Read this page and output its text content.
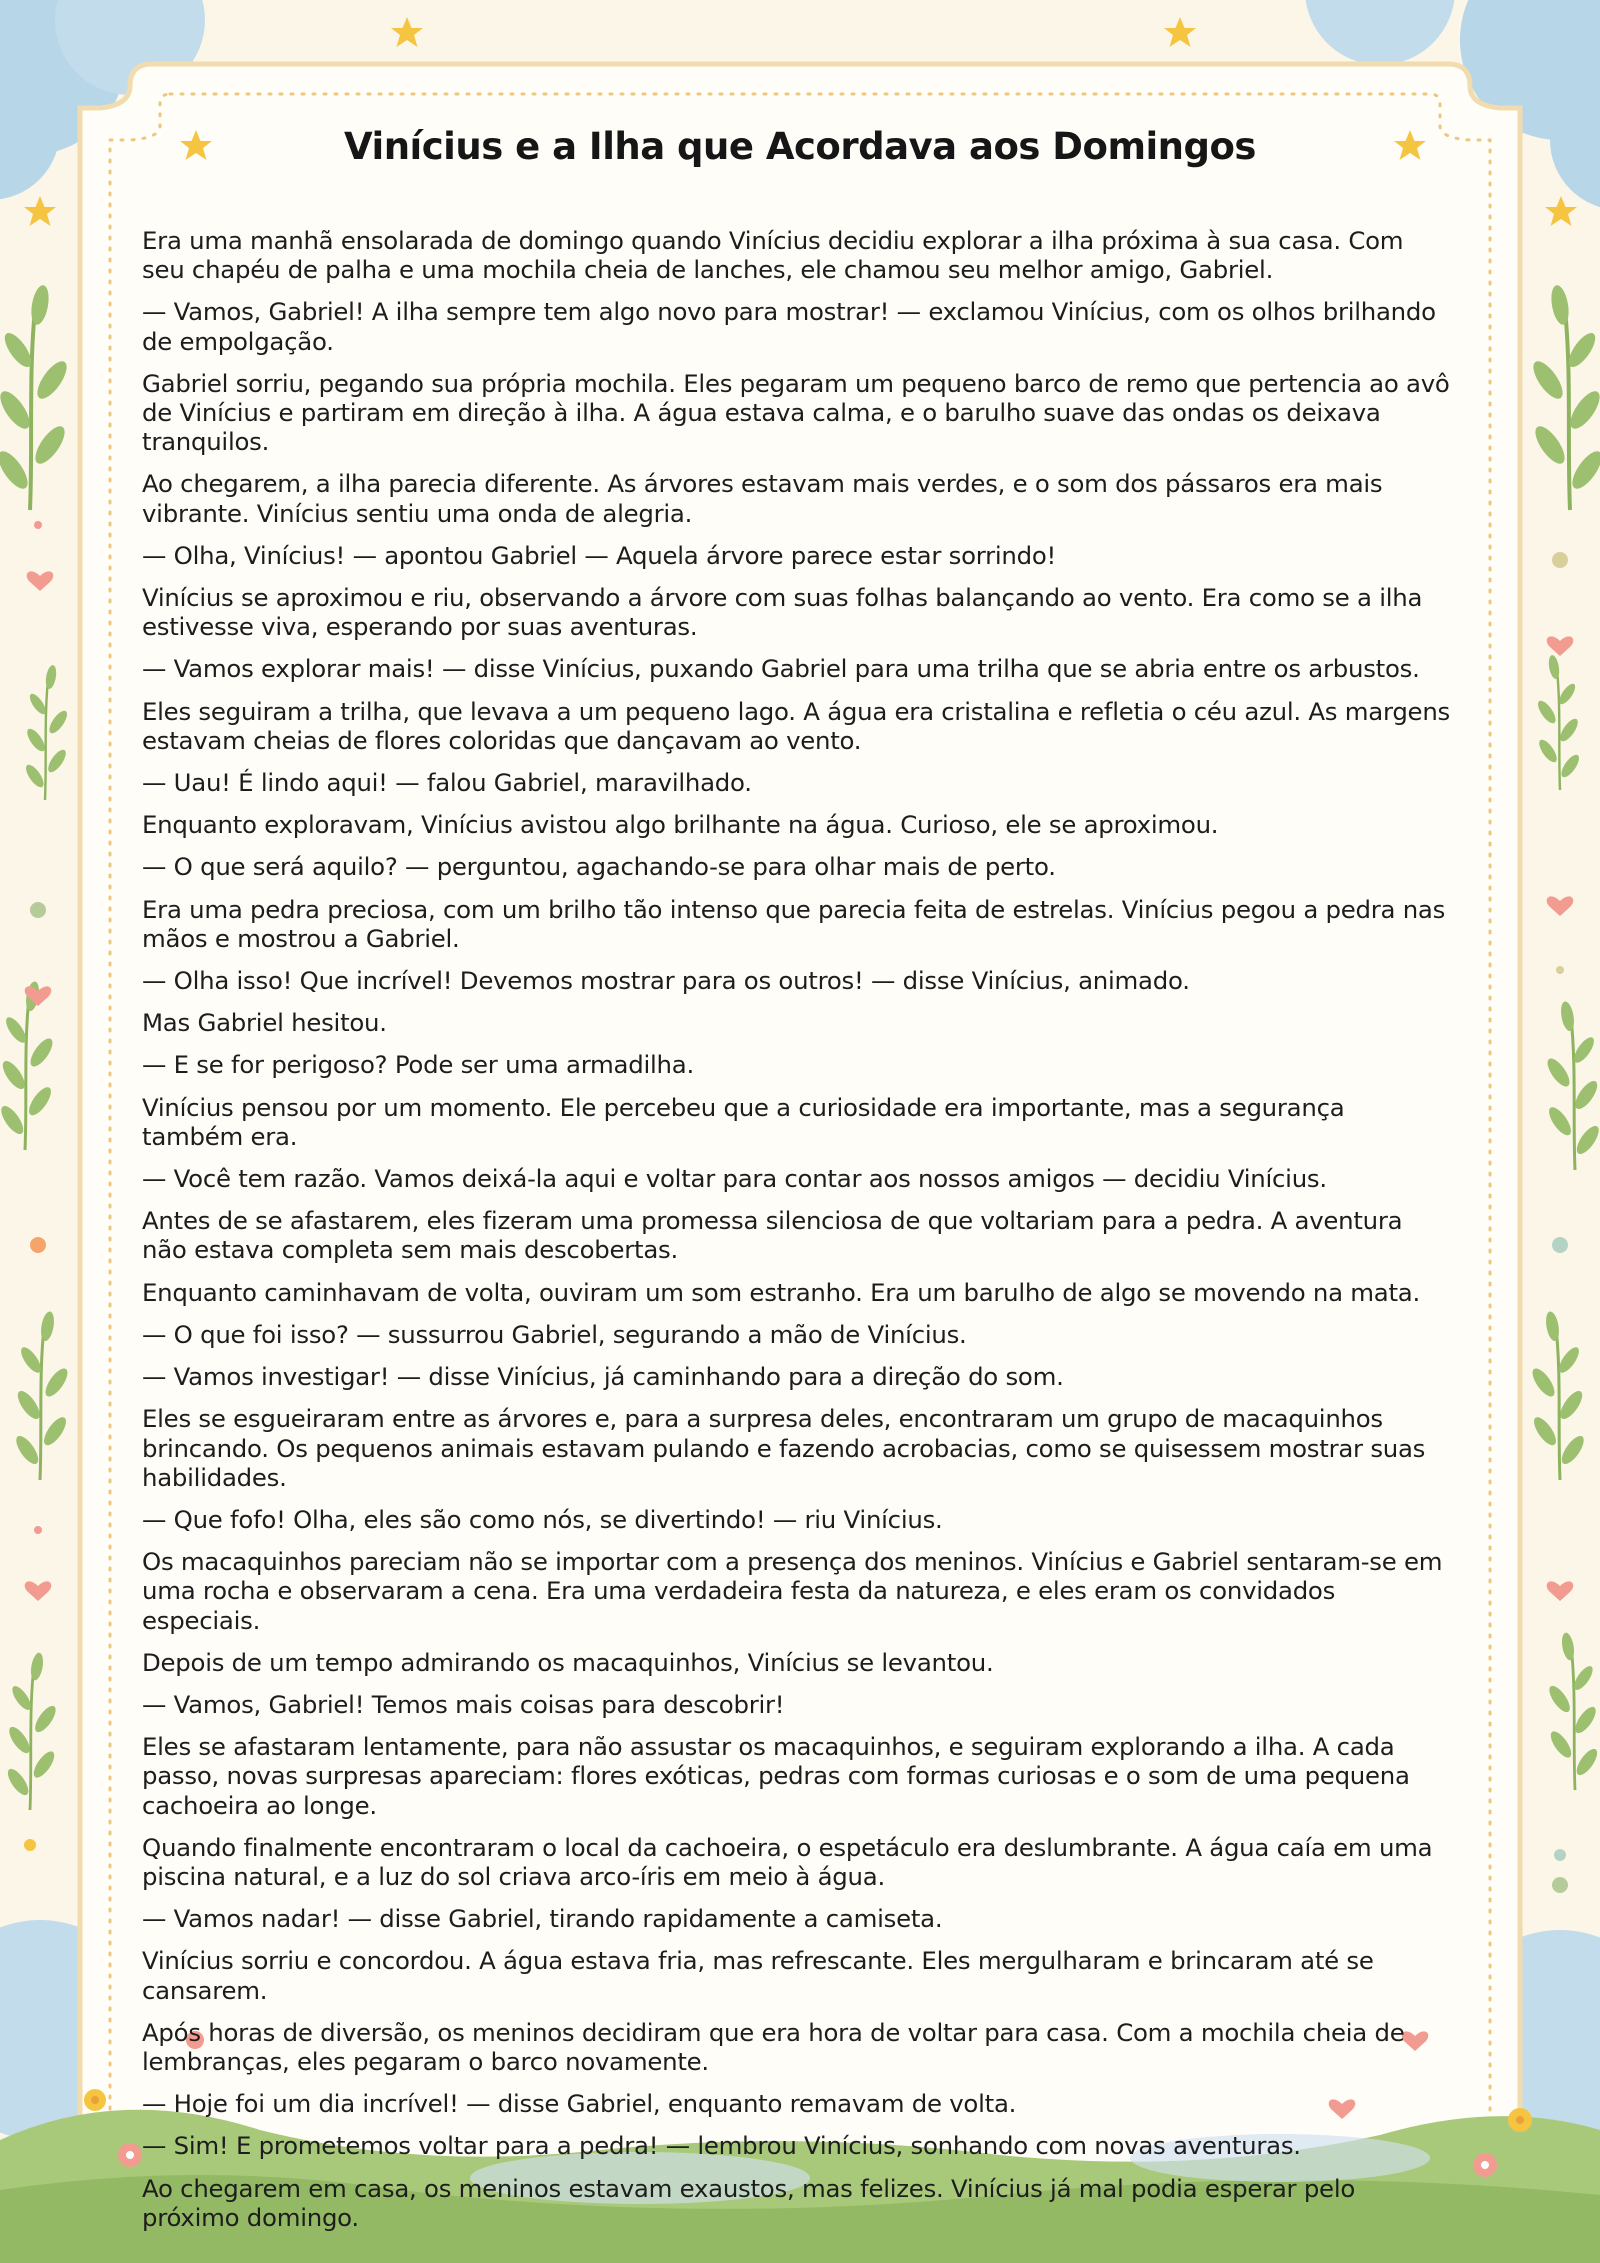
Vinícius e a Ilha que Acordava aos Domingos

Era uma manhã ensolarada de domingo quando Vinícius decidiu explorar a ilha próxima à sua casa. Com seu chapéu de palha e uma mochila cheia de lanches, ele chamou seu melhor amigo, Gabriel.

— Vamos, Gabriel! A ilha sempre tem algo novo para mostrar! — exclamou Vinícius, com os olhos brilhando de empolgação.

Gabriel sorriu, pegando sua própria mochila. Eles pegaram um pequeno barco de remo que pertencia ao avô de Vinícius e partiram em direção à ilha. A água estava calma, e o barulho suave das ondas os deixava tranquilos.

Ao chegarem, a ilha parecia diferente. As árvores estavam mais verdes, e o som dos pássaros era mais vibrante. Vinícius sentiu uma onda de alegria.

— Olha, Vinícius! — apontou Gabriel — Aquela árvore parece estar sorrindo!

Vinícius se aproximou e riu, observando a árvore com suas folhas balançando ao vento. Era como se a ilha estivesse viva, esperando por suas aventuras.

— Vamos explorar mais! — disse Vinícius, puxando Gabriel para uma trilha que se abria entre os arbustos.

Eles seguiram a trilha, que levava a um pequeno lago. A água era cristalina e refletia o céu azul. As margens estavam cheias de flores coloridas que dançavam ao vento.

— Uau! É lindo aqui! — falou Gabriel, maravilhado.

Enquanto exploravam, Vinícius avistou algo brilhante na água. Curioso, ele se aproximou.

— O que será aquilo? — perguntou, agachando-se para olhar mais de perto.

Era uma pedra preciosa, com um brilho tão intenso que parecia feita de estrelas. Vinícius pegou a pedra nas mãos e mostrou a Gabriel.

— Olha isso! Que incrível! Devemos mostrar para os outros! — disse Vinícius, animado.

Mas Gabriel hesitou.

— E se for perigoso? Pode ser uma armadilha.

Vinícius pensou por um momento. Ele percebeu que a curiosidade era importante, mas a segurança também era.

— Você tem razão. Vamos deixá-la aqui e voltar para contar aos nossos amigos — decidiu Vinícius.

Antes de se afastarem, eles fizeram uma promessa silenciosa de que voltariam para a pedra. A aventura não estava completa sem mais descobertas.

Enquanto caminhavam de volta, ouviram um som estranho. Era um barulho de algo se movendo na mata.

— O que foi isso? — sussurrou Gabriel, segurando a mão de Vinícius.

— Vamos investigar! — disse Vinícius, já caminhando para a direção do som.

Eles se esgueiraram entre as árvores e, para a surpresa deles, encontraram um grupo de macaquinhos brincando. Os pequenos animais estavam pulando e fazendo acrobacias, como se quisessem mostrar suas habilidades.

— Que fofo! Olha, eles são como nós, se divertindo! — riu Vinícius.

Os macaquinhos pareciam não se importar com a presença dos meninos. Vinícius e Gabriel sentaram-se em uma rocha e observaram a cena. Era uma verdadeira festa da natureza, e eles eram os convidados especiais.

Depois de um tempo admirando os macaquinhos, Vinícius se levantou.

— Vamos, Gabriel! Temos mais coisas para descobrir!

Eles se afastaram lentamente, para não assustar os macaquinhos, e seguiram explorando a ilha. A cada passo, novas surpresas apareciam: flores exóticas, pedras com formas curiosas e o som de uma pequena cachoeira ao longe.

Quando finalmente encontraram o local da cachoeira, o espetáculo era deslumbrante. A água caía em uma piscina natural, e a luz do sol criava arco-íris em meio à água.

— Vamos nadar! — disse Gabriel, tirando rapidamente a camiseta.

Vinícius sorriu e concordou. A água estava fria, mas refrescante. Eles mergulharam e brincaram até se cansarem.

Após horas de diversão, os meninos decidiram que era hora de voltar para casa. Com a mochila cheia de lembranças, eles pegaram o barco novamente.

— Hoje foi um dia incrível! — disse Gabriel, enquanto remavam de volta.

— Sim! E prometemos voltar para a pedra! — lembrou Vinícius, sonhando com novas aventuras.

Ao chegarem em casa, os meninos estavam exaustos, mas felizes. Vinícius já mal podia esperar pelo próximo domingo.
